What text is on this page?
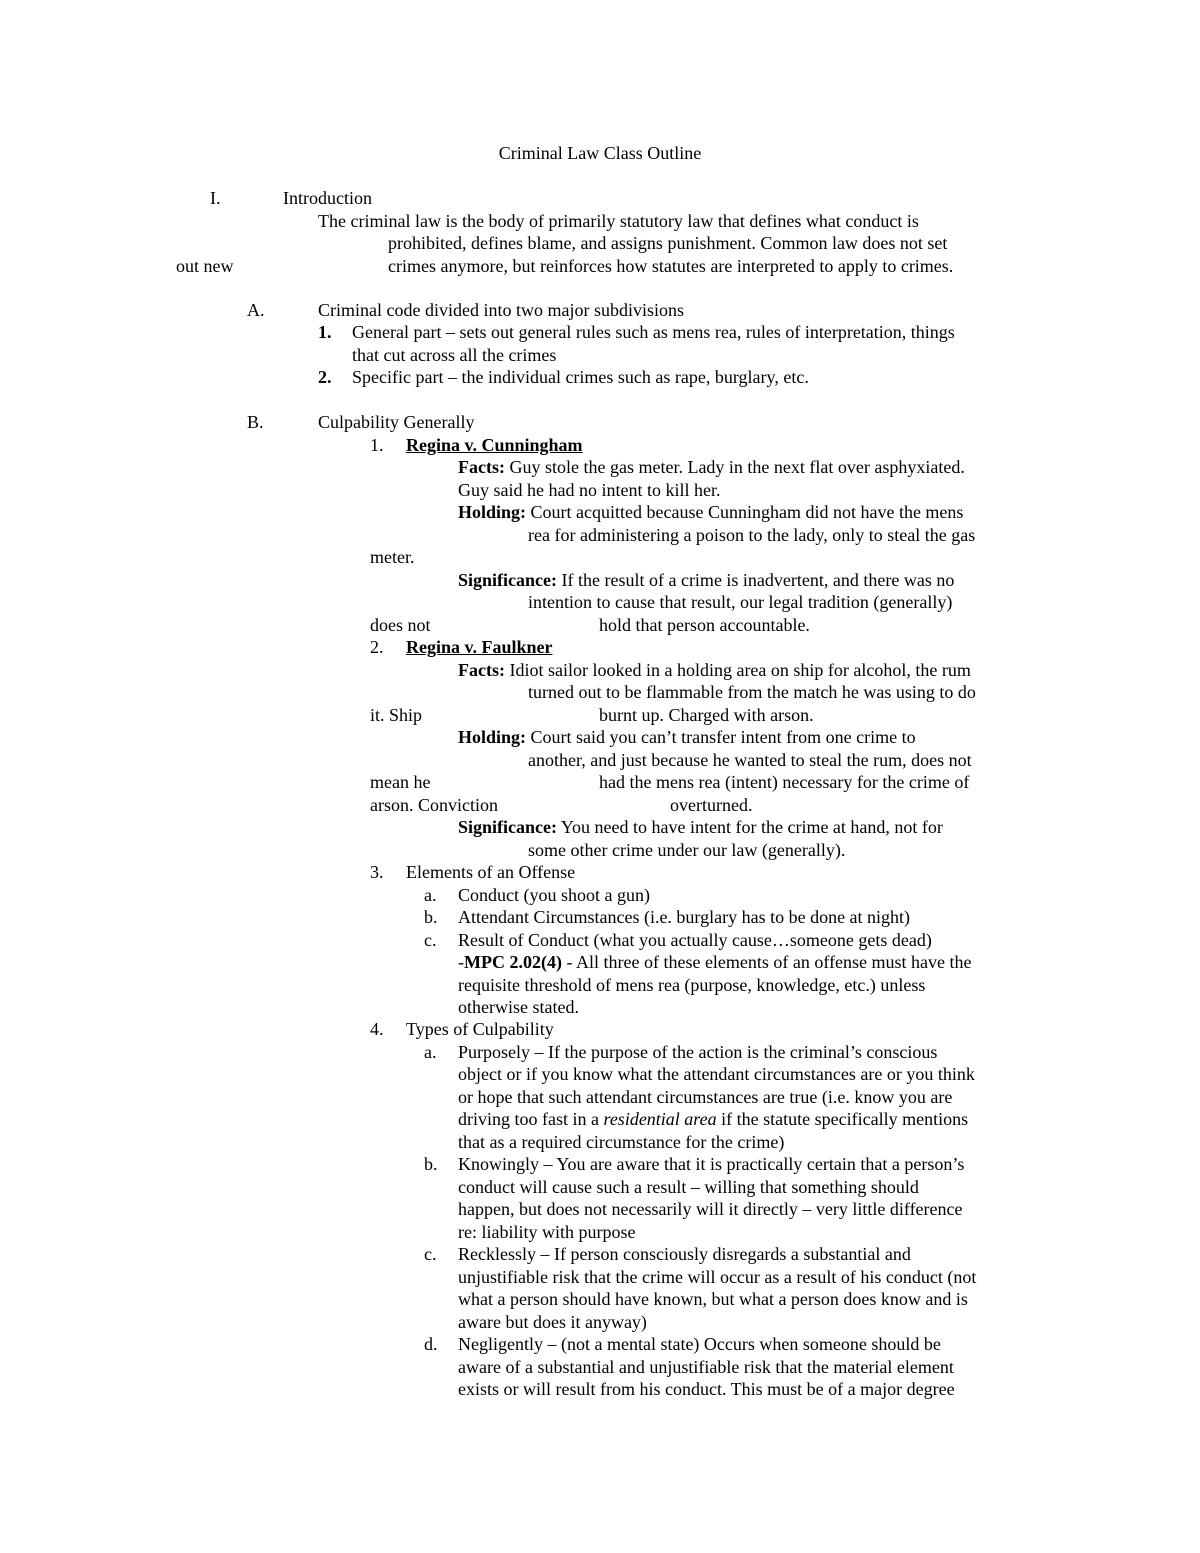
Criminal Law Class Outline
I.	Introduction
The criminal law is the body of primarily statutory law that defines what conduct is
prohibited, defines blame, and assigns punishment. Common law does not set
out new	crimes anymore, but reinforces how statutes are interpreted to apply to crimes.
A.	Criminal code divided into two major subdivisions
1. General part – sets out general rules such as mens rea, rules of interpretation, things
that cut across all the crimes
2. Specific part – the individual crimes such as rape, burglary, etc.
B.	Culpability Generally
1. Regina v. Cunningham
Facts: Guy stole the gas meter. Lady in the next flat over asphyxiated.
Guy said he had no intent to kill her.
Holding: Court acquitted because Cunningham did not have the mens
rea for administering a poison to the lady, only to steal the gas
meter.
Significance: If the result of a crime is inadvertent, and there was no
intention to cause that result, our legal tradition (generally)
does not	hold that person accountable.
2. Regina v. Faulkner
Facts: Idiot sailor looked in a holding area on ship for alcohol, the rum
turned out to be flammable from the match he was using to do
it. Ship	burnt up. Charged with arson.
Holding: Court said you can’t transfer intent from one crime to
another, and just because he wanted to steal the rum, does not
mean he	had the mens rea (intent) necessary for the crime of
arson. Conviction	overturned.
Significance: You need to have intent for the crime at hand, not for
some other crime under our law (generally).
3. Elements of an Offense
a. Conduct (you shoot a gun)
b. Attendant Circumstances (i.e. burglary has to be done at night)
c. Result of Conduct (what you actually cause…someone gets dead)
-MPC 2.02(4) - All three of these elements of an offense must have the
requisite threshold of mens rea (purpose, knowledge, etc.) unless
otherwise stated.
4. Types of Culpability
a. Purposely – If the purpose of the action is the criminal’s conscious
object or if you know what the attendant circumstances are or you think
or hope that such attendant circumstances are true (i.e. know you are
driving too fast in a residential area if the statute specifically mentions
that as a required circumstance for the crime)
b. Knowingly – You are aware that it is practically certain that a person’s
conduct will cause such a result – willing that something should
happen, but does not necessarily will it directly – very little difference
re: liability with purpose
c. Recklessly – If person consciously disregards a substantial and
unjustifiable risk that the crime will occur as a result of his conduct (not
what a person should have known, but what a person does know and is
aware but does it anyway)
d. Negligently – (not a mental state) Occurs when someone should be
aware of a substantial and unjustifiable risk that the material element
exists or will result from his conduct. This must be of a major degree
